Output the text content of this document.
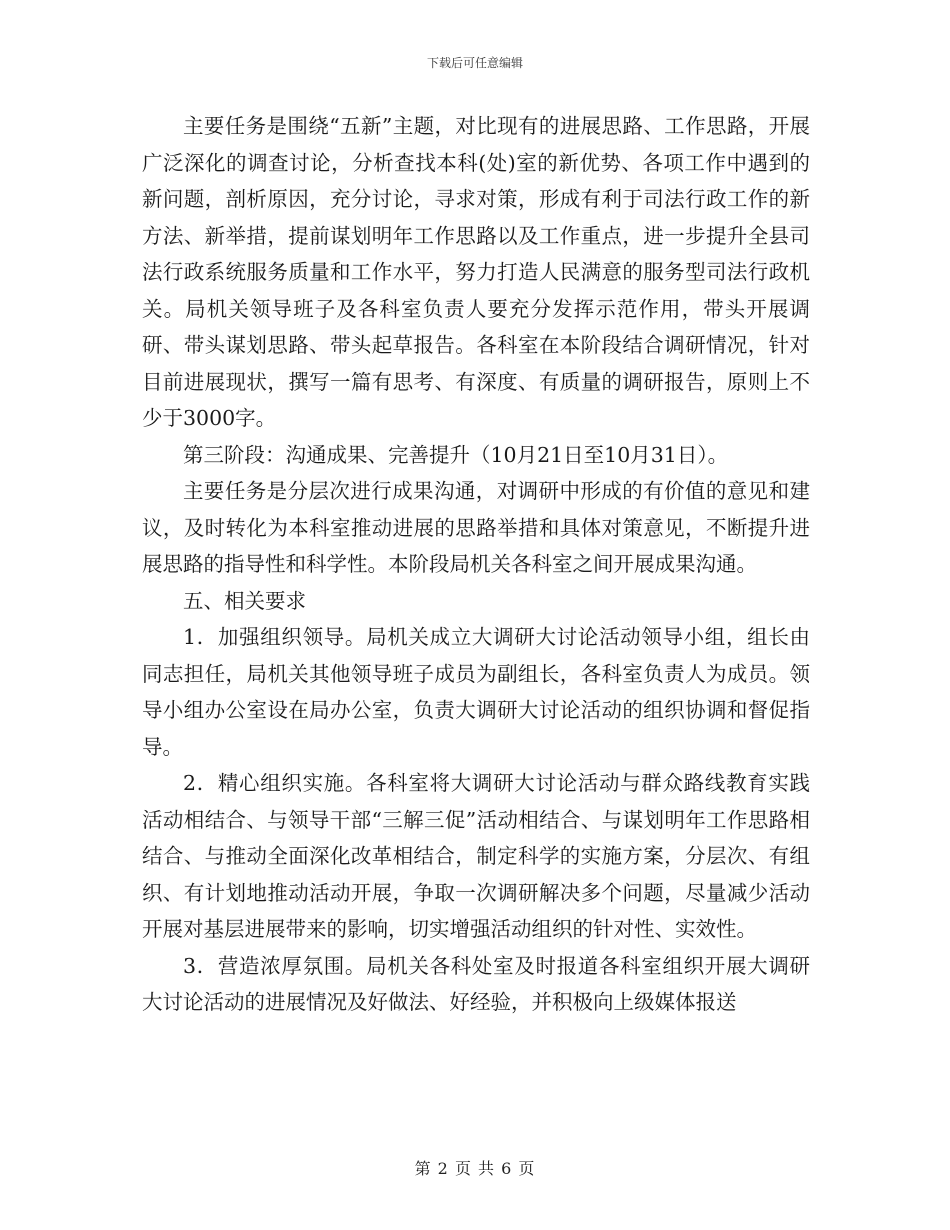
下载后可任意编辑

主要任务是围绕“五新”主题，对比现有的进展思路、工作思路，开展广泛深化的调查讨论，分析查找本科(处)室的新优势、各项工作中遇到的新问题，剖析原因，充分讨论，寻求对策，形成有利于司法行政工作的新方法、新举措，提前谋划明年工作思路以及工作重点，进一步提升全县司法行政系统服务质量和工作水平，努力打造人民满意的服务型司法行政机关。局机关领导班子及各科室负责人要充分发挥示范作用，带头开展调研、带头谋划思路、带头起草报告。各科室在本阶段结合调研情况，针对目前进展现状，撰写一篇有思考、有深度、有质量的调研报告，原则上不少于3000字。

第三阶段：沟通成果、完善提升（10月21日至10月31日）。

主要任务是分层次进行成果沟通，对调研中形成的有价值的意见和建议，及时转化为本科室推动进展的思路举措和具体对策意见，不断提升进展思路的指导性和科学性。本阶段局机关各科室之间开展成果沟通。

五、相关要求

1．加强组织领导。局机关成立大调研大讨论活动领导小组，组长由同志担任，局机关其他领导班子成员为副组长，各科室负责人为成员。领导小组办公室设在局办公室，负责大调研大讨论活动的组织协调和督促指导。

2．精心组织实施。各科室将大调研大讨论活动与群众路线教育实践活动相结合、与领导干部“三解三促”活动相结合、与谋划明年工作思路相结合、与推动全面深化改革相结合，制定科学的实施方案，分层次、有组织、有计划地推动活动开展，争取一次调研解决多个问题，尽量减少活动开展对基层进展带来的影响，切实增强活动组织的针对性、实效性。

3．营造浓厚氛围。局机关各科处室及时报道各科室组织开展大调研大讨论活动的进展情况及好做法、好经验，并积极向上级媒体报送

第 2 页 共 6 页
